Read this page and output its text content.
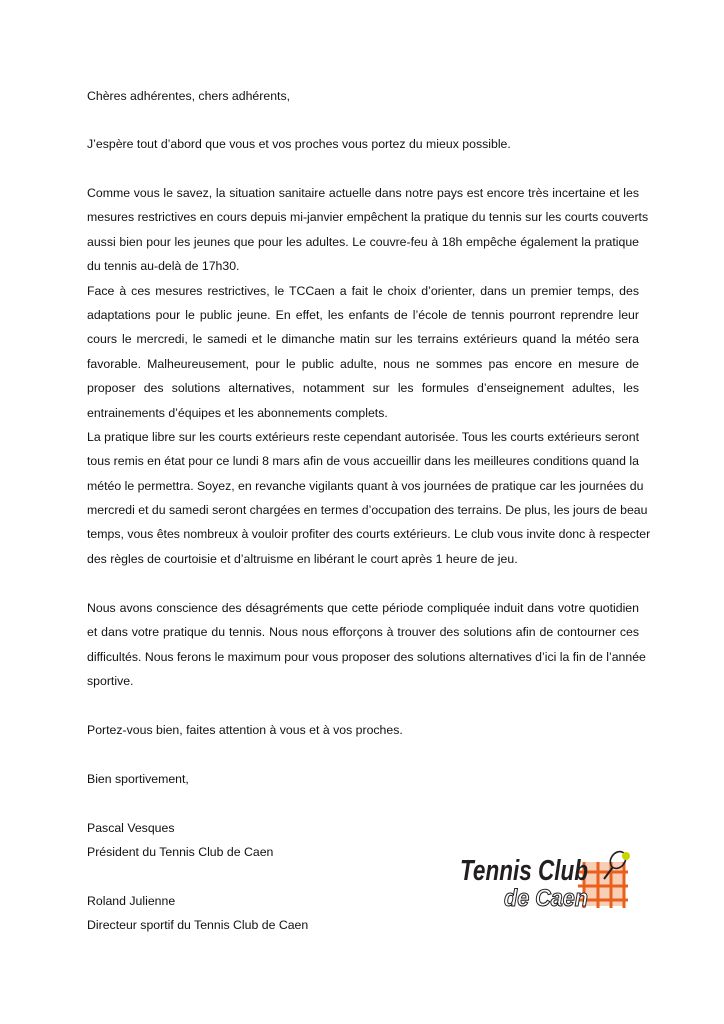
Chères adhérentes, chers adhérents,
J’espère tout d’abord que vous et vos proches vous portez du mieux possible.
Comme vous le savez, la situation sanitaire actuelle dans notre pays est encore très incertaine et les
mesures restrictives en cours depuis mi-janvier empêchent la pratique du tennis sur les courts couverts
aussi bien pour les jeunes que pour les adultes. Le couvre-feu à 18h empêche également la pratique
du tennis au-delà de 17h30.
Face à ces mesures restrictives, le TCCaen a fait le choix d’orienter, dans un premier temps, des
adaptations pour le public jeune. En effet, les enfants de l’école de tennis pourront reprendre leur
cours le mercredi, le samedi et le dimanche matin sur les terrains extérieurs quand la météo sera
favorable. Malheureusement, pour le public adulte, nous ne sommes pas encore en mesure de
proposer des solutions alternatives, notamment sur les formules d’enseignement adultes, les
entrainements d’équipes et les abonnements complets.
La pratique libre sur les courts extérieurs reste cependant autorisée. Tous les courts extérieurs seront
tous remis en état pour ce lundi 8 mars afin de vous accueillir dans les meilleures conditions quand la
météo le permettra. Soyez, en revanche vigilants quant à vos journées de pratique car les journées du
mercredi et du samedi seront chargées en termes d’occupation des terrains. De plus, les jours de beau
temps, vous êtes nombreux à vouloir profiter des courts extérieurs. Le club vous invite donc à respecter
des règles de courtoisie et d’altruisme en libérant le court après 1 heure de jeu.
Nous avons conscience des désagréments que cette période compliquée induit dans votre quotidien
et dans votre pratique du tennis. Nous nous efforçons à trouver des solutions afin de contourner ces
difficultés. Nous ferons le maximum pour vous proposer des solutions alternatives d’ici la fin de l’année
sportive.
Portez-vous bien, faites attention à vous et à vos proches.
Bien sportivement,
Pascal Vesques
Président du Tennis Club de Caen
Roland Julienne
Directeur sportif du Tennis Club de Caen
Tennis Club
de Caen
